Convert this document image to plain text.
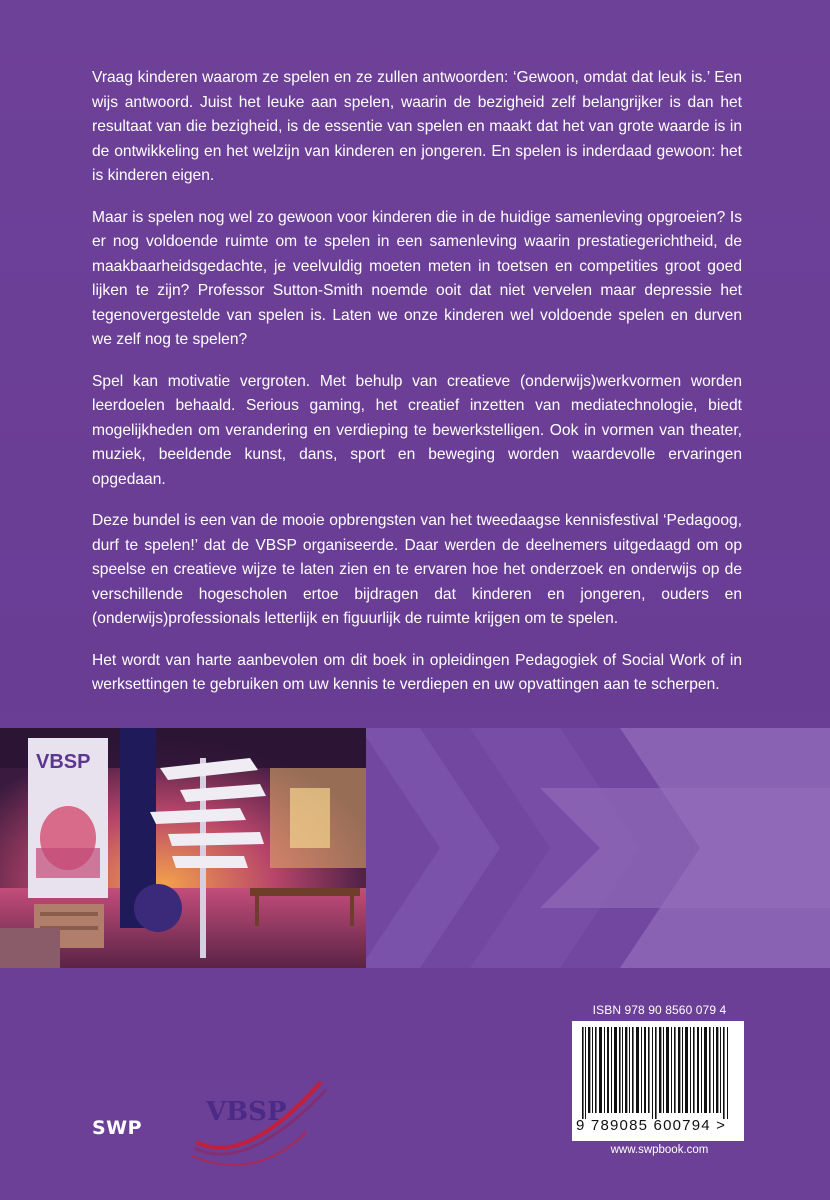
Vraag kinderen waarom ze spelen en ze zullen antwoorden: ‘Gewoon, omdat dat leuk is.’ Een wijs antwoord. Juist het leuke aan spelen, waarin de bezigheid zelf belangrijker is dan het resultaat van die bezigheid, is de essentie van spelen en maakt dat het van grote waarde is in de ontwikkeling en het welzijn van kinderen en jongeren. En spelen is inderdaad gewoon: het is kinderen eigen.

Maar is spelen nog wel zo gewoon voor kinderen die in de huidige samenleving opgroeien? Is er nog voldoende ruimte om te spelen in een samenleving waarin prestatiegerichtheid, de maakbaarheidsgedachte, je veelvuldig moeten meten in toetsen en competities groot goed lijken te zijn? Professor Sutton-Smith noemde ooit dat niet vervelen maar depressie het tegenovergestelde van spelen is. Laten we onze kinderen wel voldoende spelen en durven we zelf nog te spelen?

Spel kan motivatie vergroten. Met behulp van creatieve (onderwijs)werkvormen worden leerdoelen behaald. Serious gaming, het creatief inzetten van mediatechnologie, biedt mogelijkheden om verandering en verdieping te bewerkstelligen. Ook in vormen van theater, muziek, beeldende kunst, dans, sport en beweging worden waardevolle ervaringen opgedaan.

Deze bundel is een van de mooie opbrengsten van het tweedaagse kennisfestival ‘Pedagoog, durf te spelen!’ dat de VBSP organiseerde. Daar werden de deelnemers uitgedaagd om op speelse en creatieve wijze te laten zien en te ervaren hoe het onderzoek en onderwijs op de verschillende hogescholen ertoe bijdragen dat kinderen en jongeren, ouders en (onderwijs)professionals letterlijk en figuurlijk de ruimte krijgen om te spelen.

Het wordt van harte aanbevolen om dit boek in opleidingen Pedagogiek of Social Work of in werksettingen te gebruiken om uw kennis te verdiepen en uw opvattingen aan te scherpen.

VBSP
ISBN 978 90 8560 079 4
9 789085 600794 >
www.swpbook.com
SWP
VBSP
